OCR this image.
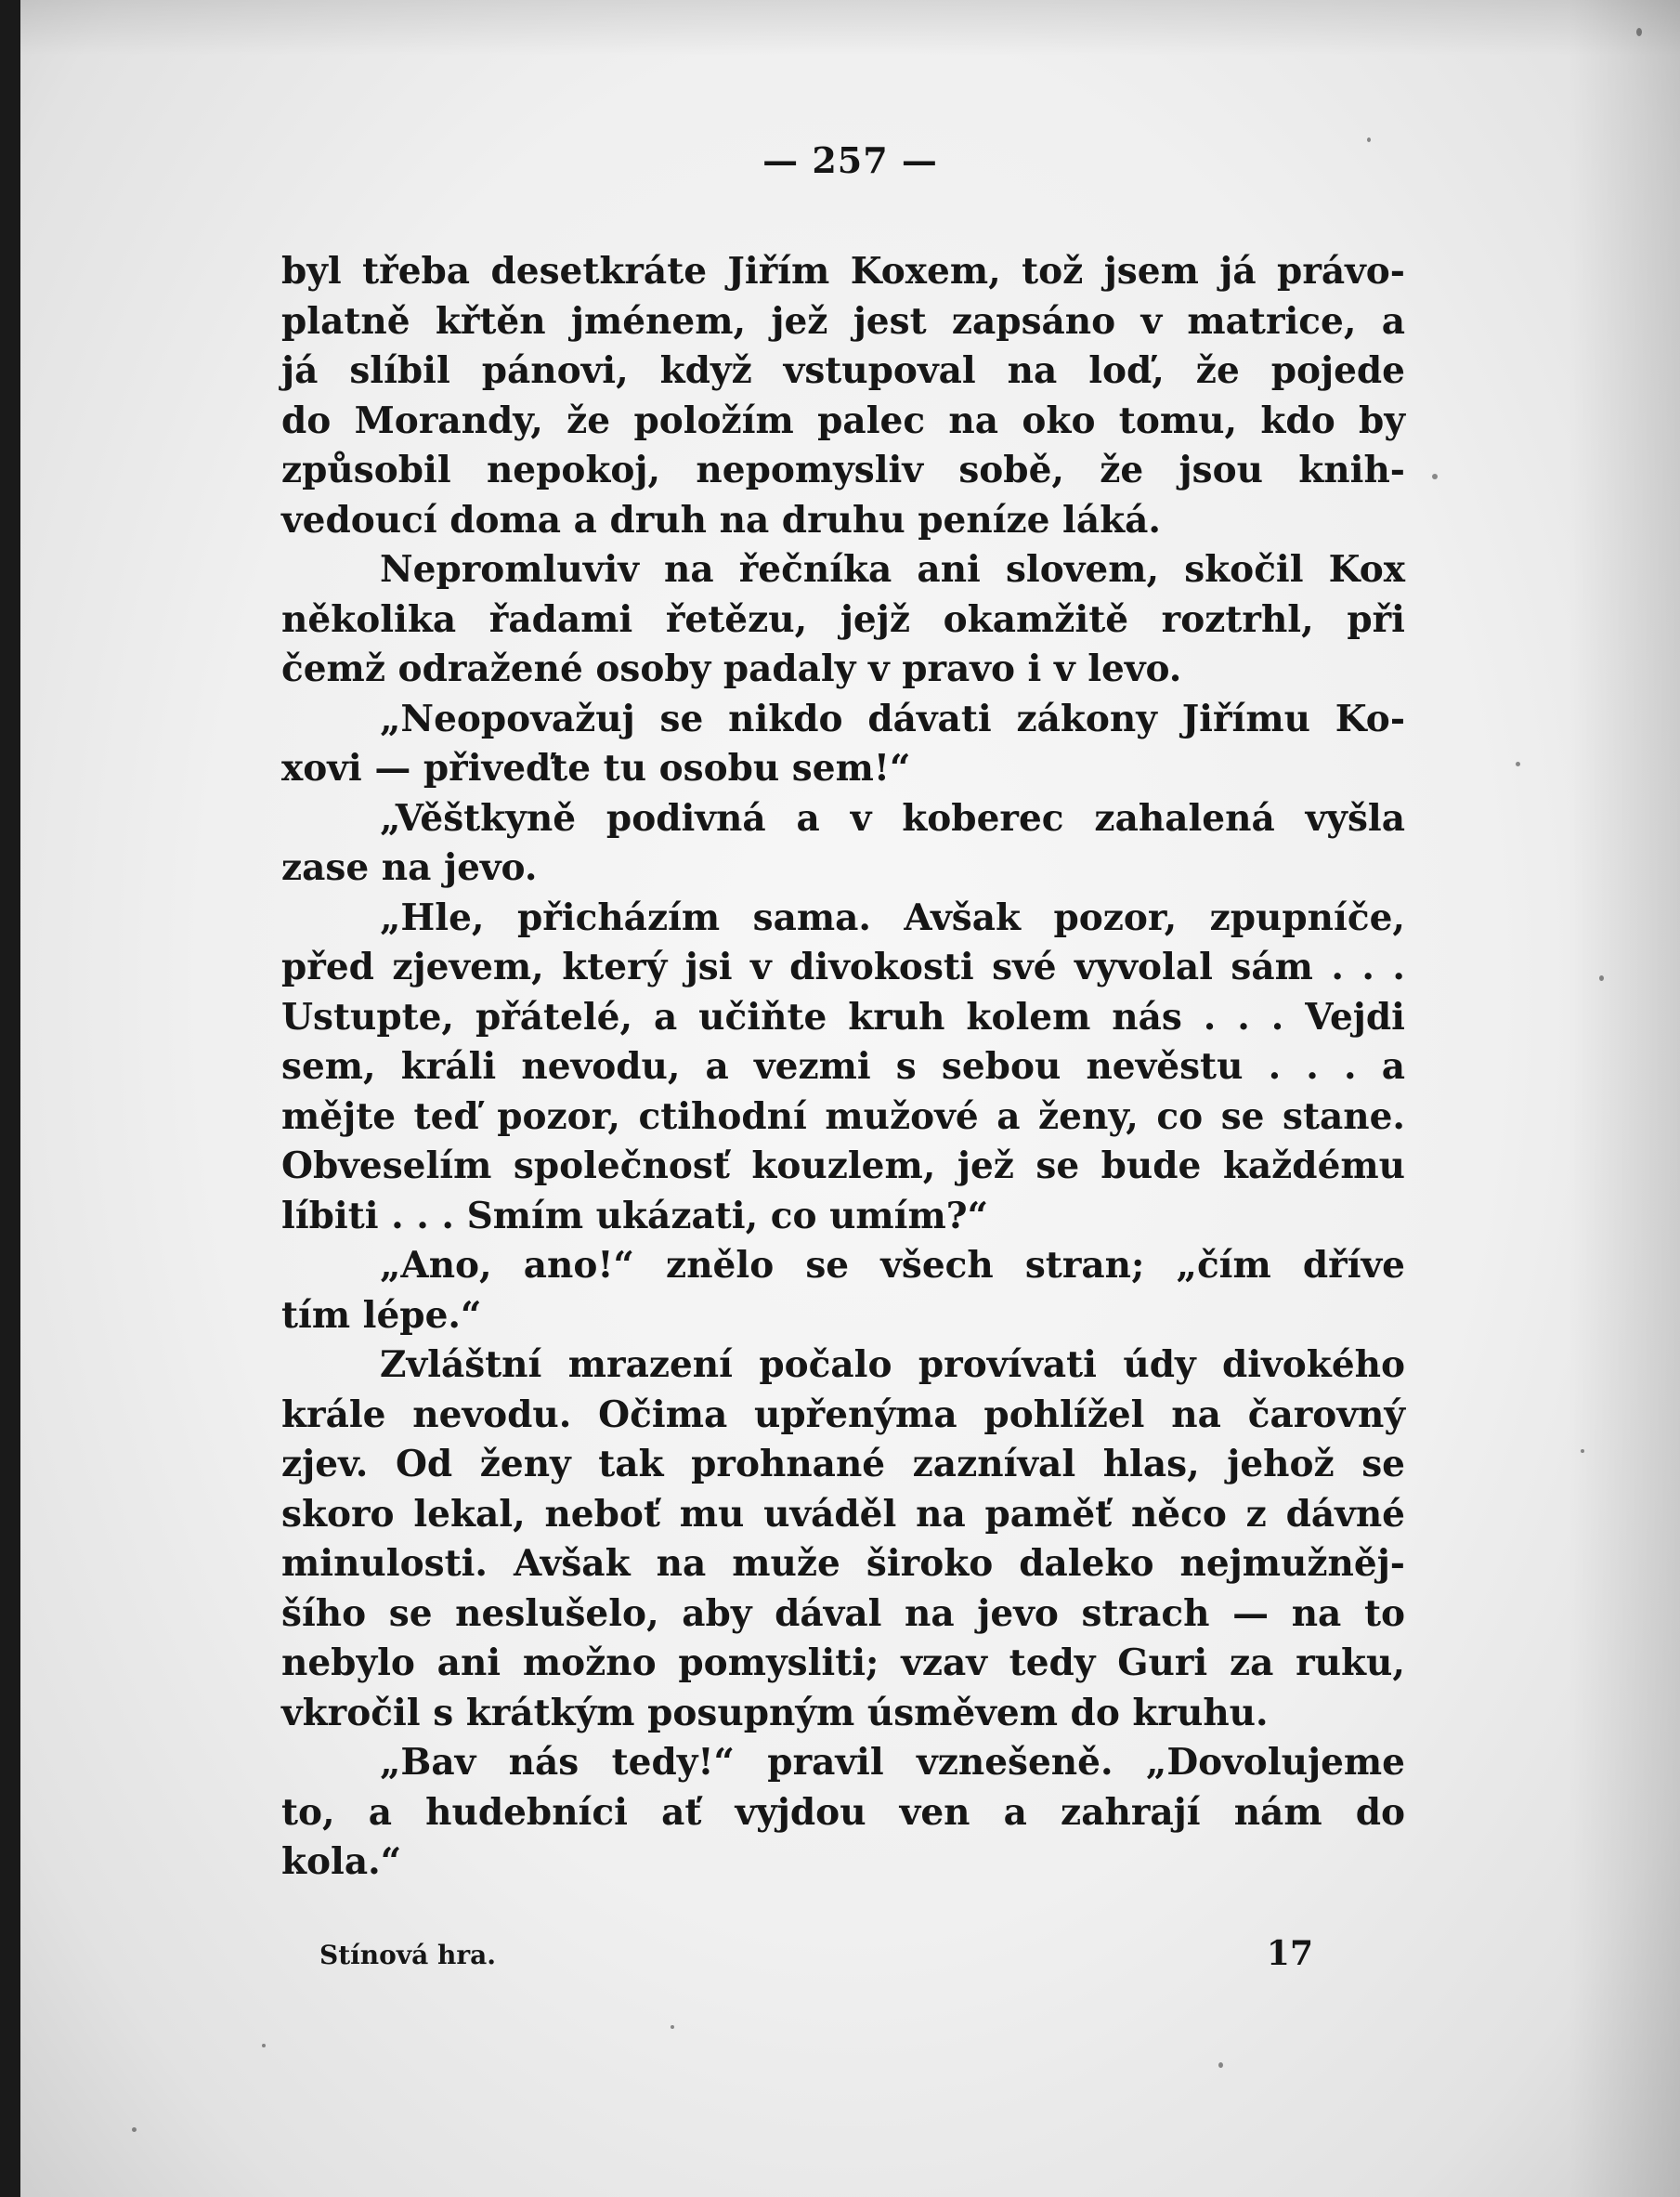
— 257 —
byl třeba desetkráte Jiřím Koxem, tož jsem já právo-
platně křtěn jménem, jež jest zapsáno v matrice, a
já slíbil pánovi, když vstupoval na loď, že pojede
do Morandy, že položím palec na oko tomu, kdo by
způsobil nepokoj, nepomysliv sobě, že jsou knih-
vedoucí doma a druh na druhu peníze láká.
Nepromluviv na řečníka ani slovem, skočil Kox
několika řadami řetězu, jejž okamžitě roztrhl, při
čemž odražené osoby padaly v pravo i v levo.
„Neopovažuj se nikdo dávati zákony Jiřímu Ko-
xovi — přiveďte tu osobu sem!“
„Věštkyně podivná a v koberec zahalená vyšla
zase na jevo.
„Hle, přicházím sama. Avšak pozor, zpupníče,
před zjevem, který jsi v divokosti své vyvolal sám . . .
Ustupte, přátelé, a učiňte kruh kolem nás . . . Vejdi
sem, králi nevodu, a vezmi s sebou nevěstu . . . a
mějte teď pozor, ctihodní mužové a ženy, co se stane.
Obveselím společnosť kouzlem, jež se bude každému
líbiti . . . Smím ukázati, co umím?“
„Ano, ano!“ znělo se všech stran; „čím dříve
tím lépe.“
Zvláštní mrazení počalo provívati údy divokého
krále nevodu. Očima upřenýma pohlížel na čarovný
zjev. Od ženy tak prohnané zazníval hlas, jehož se
skoro lekal, neboť mu uváděl na paměť něco z dávné
minulosti. Avšak na muže široko daleko nejmužněj-
šího se neslušelo, aby dával na jevo strach — na to
nebylo ani možno pomysliti; vzav tedy Guri za ruku,
vkročil s krátkým posupným úsměvem do kruhu.
„Bav nás tedy!“ pravil vznešeně. „Dovolujeme
to, a hudebníci ať vyjdou ven a zahrají nám do
kola.“
Stínová hra.	17
